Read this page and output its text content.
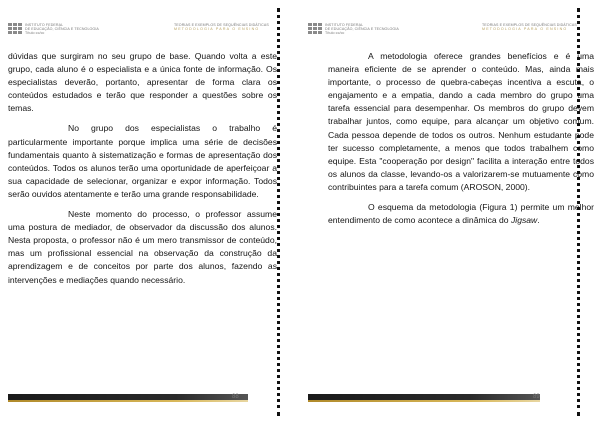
INSTITUTO FEDERAL
DE EDUCAÇÃO, CIÊNCIA E TECNOLOGIA
Título cc/cc
TEORIAS E EXEMPLOS DE SEQUÊNCIAS DIDÁTICAS
METODOLOGIA PARA O ENSINO

dúvidas que surgiram no seu grupo de base. Quando volta a este grupo, cada aluno é o especialista e a única fonte de informação. Os especialistas deverão, portanto, apresentar de forma clara os conteúdos estudados e terão que responder a questões sobre os temas.

No grupo dos especialistas o trabalho é particularmente importante porque implica uma série de decisões fundamentais quanto à sistematização e formas de apresentação dos conteúdos. Todos os alunos terão uma oportunidade de aperfeiçoar a sua capacidade de selecionar, organizar e expor informação. Todos serão ouvidos atentamente e terão uma grande responsabilidade.

Neste momento do processo, o professor assume uma postura de mediador, de observador da discussão dos alunos. Nesta proposta, o professor não é um mero transmissor de conteúdo, mas um profissional essencial na observação da construção da aprendizagem e de conceitos por parte dos alunos, fazendo as intervenções e mediações quando necessário.

88
INSTITUTO FEDERAL
DE EDUCAÇÃO, CIÊNCIA E TECNOLOGIA
Título cc/cc
TEORIAS E EXEMPLOS DE SEQUÊNCIAS DIDÁTICAS
METODOLOGIA PARA O ENSINO

A metodologia oferece grandes benefícios e é uma maneira eficiente de se aprender o conteúdo. Mas, ainda mais importante, o processo de quebra-cabeças incentiva a escuta, o engajamento e a empatia, dando a cada membro do grupo uma tarefa essencial para desempenhar. Os membros do grupo devem trabalhar juntos, como equipe, para alcançar um objetivo comum. Cada pessoa depende de todos os outros. Nenhum estudante pode ter sucesso completamente, a menos que todos trabalhem como equipe. Esta "cooperação por design" facilita a interação entre todos os alunos da classe, levando-os a valorizarem-se mutuamente como contribuintes para a tarefa comum (AROSON, 2000).

O esquema da metodologia (Figura 1) permite um melhor entendimento de como acontece a dinâmica do Jigsaw.

89
